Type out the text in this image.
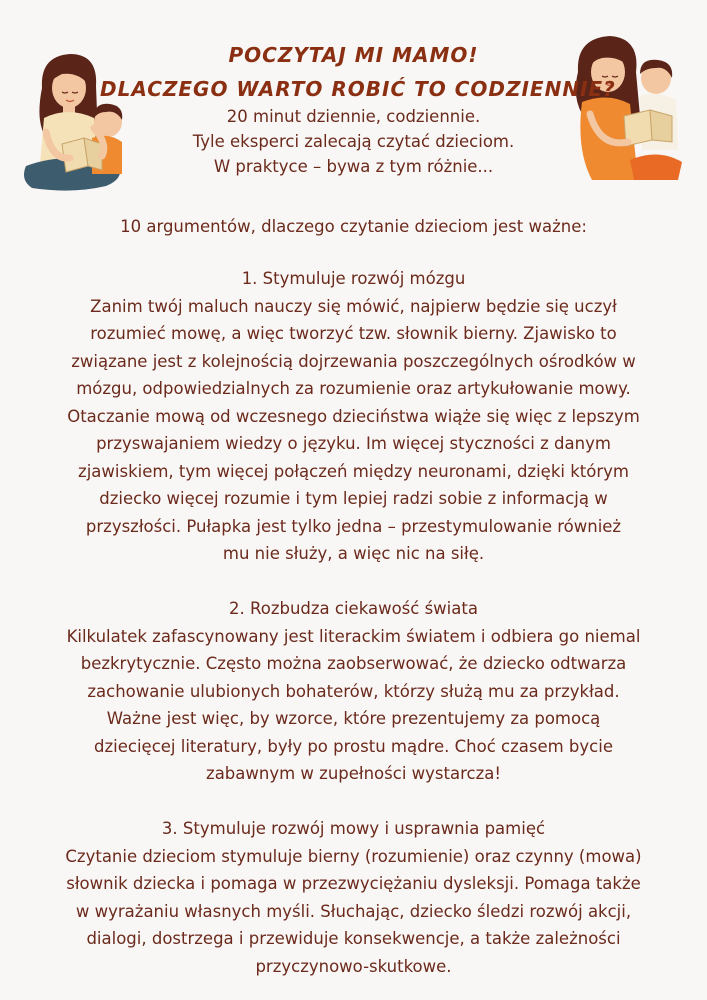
POCZYTAJ MI MAMO!
DLACZEGO WARTO ROBIĆ TO CODZIENNIE?
20 minut dziennie, codziennie.
Tyle eksperci zalecają czytać dzieciom.
W praktyce – bywa z tym różnie...
10 argumentów, dlaczego czytanie dzieciom jest ważne:
1. Stymuluje rozwój mózgu
Zanim twój maluch nauczy się mówić, najpierw będzie się uczył
rozumieć mowę, a więc tworzyć tzw. słownik bierny. Zjawisko to
związane jest z kolejnością dojrzewania poszczególnych ośrodków w
mózgu, odpowiedzialnych za rozumienie oraz artykułowanie mowy.
Otaczanie mową od wczesnego dzieciństwa wiąże się więc z lepszym
przyswajaniem wiedzy o języku. Im więcej styczności z danym
zjawiskiem, tym więcej połączeń między neuronami, dzięki którym
dziecko więcej rozumie i tym lepiej radzi sobie z informacją w
przyszłości. Pułapka jest tylko jedna – przestymulowanie również
mu nie służy, a więc nic na siłę.
2. Rozbudza ciekawość świata
Kilkulatek zafascynowany jest literackim światem i odbiera go niemal
bezkrytycznie. Często można zaobserwować, że dziecko odtwarza
zachowanie ulubionych bohaterów, którzy służą mu za przykład.
Ważne jest więc, by wzorce, które prezentujemy za pomocą
dziecięcej literatury, były po prostu mądre. Choć czasem bycie
zabawnym w zupełności wystarcza!
3. Stymuluje rozwój mowy i usprawnia pamięć
Czytanie dzieciom stymuluje bierny (rozumienie) oraz czynny (mowa)
słownik dziecka i pomaga w przezwyciężaniu dysleksji. Pomaga także
w wyrażaniu własnych myśli. Słuchając, dziecko śledzi rozwój akcji,
dialogi, dostrzega i przewiduje konsekwencje, a także zależności
przyczynowo-skutkowe.
